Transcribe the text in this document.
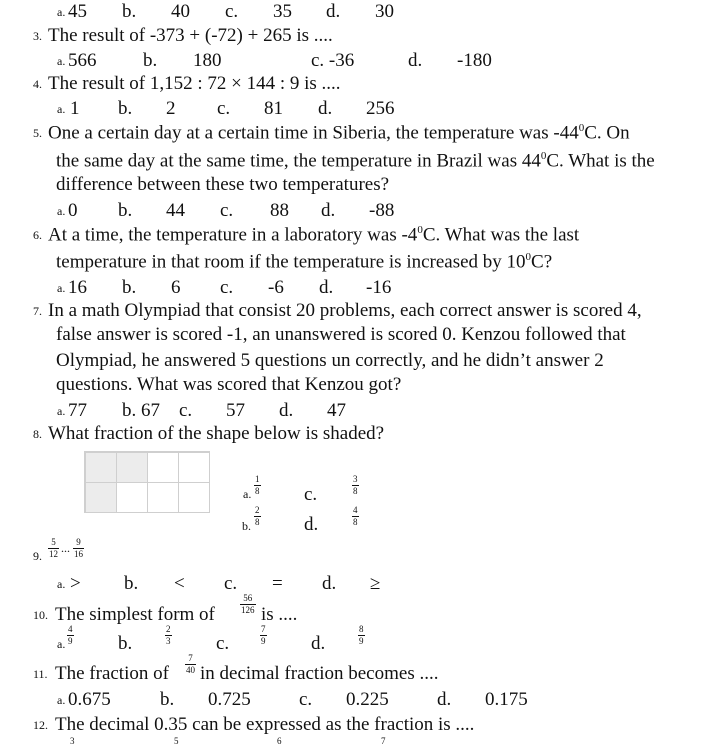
a. 45 b. 40 c. 35 d. 30
3. The result of -373 + (-72) + 265 is ....
a. 566 b. 180	c. -36	d. -180
4. The result of 1,152 : 72 × 144 : 9 is ....
a. 1 b. 2 c. 81 d. 256
5. One a certain day at a certain time in Siberia, the temperature was $-44^0C$. On
the same day at the same time, the temperature in Brazil was $44^0C$. What is the
difference between these two temperatures?
a. 0 b. 44 c. 88 d. -88
6. At a time, the temperature in a laboratory was $-4^0C$. What was the last
temperature in that room if the temperature is increased by $10^0C$?
a. 16 b. 6 c. -6 d. -16
7. In a math Olympiad that consist 20 problems, each correct answer is scored 4,
false answer is scored -1, an unanswered is scored 0. Kenzou followed that
Olympiad, he answered 5 questions un correctly, and he didn’t answer 2
questions. What was scored that Kenzou got?
a. 77 b. 67 c. 57 d. 47
8. What fraction of the shape below is shaded?
a.
1
8
b.
2
8
c.
3
8
d.
4
8
9.
5
12 ... 9
16
a. > b. < c. = d. ≥
10. The simplest form of
56
126 is ....
a.
4
9 b.
2
3 c.
7
9 d.
8
9
11. The fraction of
7
40 in decimal fraction becomes ....
a. 0.675	b. 0.725	c. 0.225	d. 0.175
12. The decimal 0.35 can be expressed as the fraction is ....
3	5	6	7
